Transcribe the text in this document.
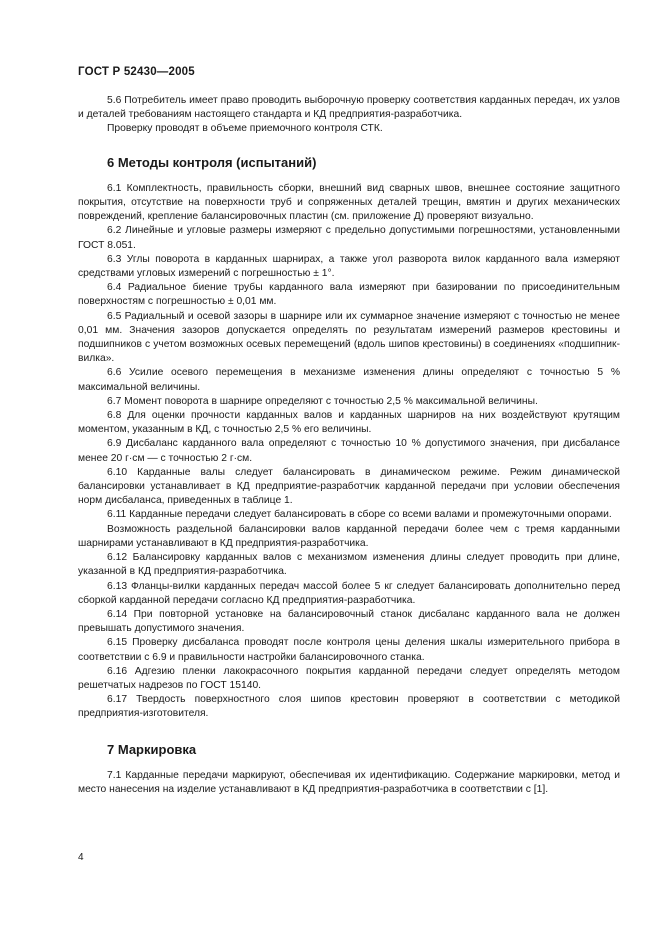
ГОСТ Р 52430—2005

5.6 Потребитель имеет право проводить выборочную проверку соответствия карданных передач, их узлов и деталей требованиям настоящего стандарта и КД предприятия-разработчика.

Проверку проводят в объеме приемочного контроля СТК.

6 Методы контроля (испытаний)

6.1 Комплектность, правильность сборки, внешний вид сварных швов, внешнее состояние защитного покрытия, отсутствие на поверхности труб и сопряженных деталей трещин, вмятин и других механических повреждений, крепление балансировочных пластин (см. приложение Д) проверяют визуально.

6.2 Линейные и угловые размеры измеряют с предельно допустимыми погрешностями, установленными ГОСТ 8.051.

6.3 Углы поворота в карданных шарнирах, а также угол разворота вилок карданного вала измеряют средствами угловых измерений с погрешностью ± 1°.

6.4 Радиальное биение трубы карданного вала измеряют при базировании по присоединительным поверхностям с погрешностью ± 0,01 мм.

6.5 Радиальный и осевой зазоры в шарнире или их суммарное значение измеряют с точностью не менее 0,01 мм. Значения зазоров допускается определять по результатам измерений размеров крестовины и подшипников с учетом возможных осевых перемещений (вдоль шипов крестовины) в соединениях «подшипник-вилка».

6.6 Усилие осевого перемещения в механизме изменения длины определяют с точностью 5 % максимальной величины.

6.7 Момент поворота в шарнире определяют с точностью 2,5 % максимальной величины.

6.8 Для оценки прочности карданных валов и карданных шарниров на них воздействуют крутящим моментом, указанным в КД, с точностью 2,5 % его величины.

6.9 Дисбаланс карданного вала определяют с точностью 10 % допустимого значения, при дисбалансе менее 20 г·см — с точностью 2 г·см.

6.10 Карданные валы следует балансировать в динамическом режиме. Режим динамической балансировки устанавливает в КД предприятие-разработчик карданной передачи при условии обеспечения норм дисбаланса, приведенных в таблице 1.

6.11 Карданные передачи следует балансировать в сборе со всеми валами и промежуточными опорами.

Возможность раздельной балансировки валов карданной передачи более чем с тремя карданными шарнирами устанавливают в КД предприятия-разработчика.

6.12 Балансировку карданных валов с механизмом изменения длины следует проводить при длине, указанной в КД предприятия-разработчика.

6.13 Фланцы-вилки карданных передач массой более 5 кг следует балансировать дополнительно перед сборкой карданной передачи согласно КД предприятия-разработчика.

6.14 При повторной установке на балансировочный станок дисбаланс карданного вала не должен превышать допустимого значения.

6.15 Проверку дисбаланса проводят после контроля цены деления шкалы измерительного прибора в соответствии с 6.9 и правильности настройки балансировочного станка.

6.16 Адгезию пленки лакокрасочного покрытия карданной передачи следует определять методом решетчатых надрезов по ГОСТ 15140.

6.17 Твердость поверхностного слоя шипов крестовин проверяют в соответствии с методикой предприятия-изготовителя.

7 Маркировка

7.1 Карданные передачи маркируют, обеспечивая их идентификацию. Содержание маркировки, метод и место нанесения на изделие устанавливают в КД предприятия-разработчика в соответствии с [1].

4
